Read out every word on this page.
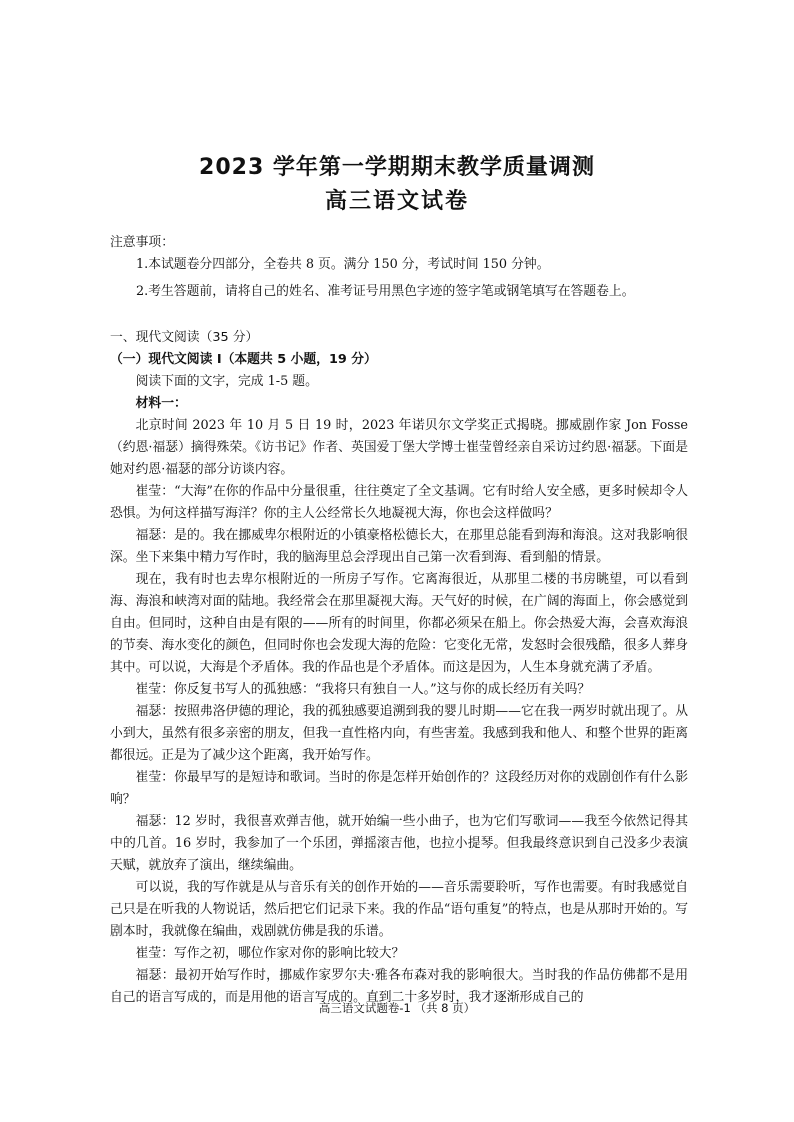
2023 学年第一学期期末教学质量调测
高三语文试卷

注意事项：

1.本试题卷分四部分，全卷共 8 页。满分 150 分，考试时间 150 分钟。

2.考生答题前，请将自己的姓名、准考证号用黑色字迹的签字笔或钢笔填写在答题卷上。

一、现代文阅读（35 分）

（一）现代文阅读 I（本题共 5 小题，19 分）

阅读下面的文字，完成 1-5 题。

材料一：

北京时间 2023 年 10 月 5 日 19 时，2023 年诺贝尔文学奖正式揭晓。挪威剧作家 Jon Fosse（约恩·福瑟）摘得殊荣。《访书记》作者、英国爱丁堡大学博士崔莹曾经亲自采访过约恩·福瑟。下面是她对约恩·福瑟的部分访谈内容。

崔莹：“大海”在你的作品中分量很重，往往奠定了全文基调。它有时给人安全感，更多时候却令人恐惧。为何这样描写海洋？你的主人公经常长久地凝视大海，你也会这样做吗？

福瑟：是的。我在挪威卑尔根附近的小镇豪格松德长大，在那里总能看到海和海浪。这对我影响很深。坐下来集中精力写作时，我的脑海里总会浮现出自己第一次看到海、看到船的情景。

现在，我有时也去卑尔根附近的一所房子写作。它离海很近，从那里二楼的书房眺望，可以看到海、海浪和峡湾对面的陆地。我经常会在那里凝视大海。天气好的时候，在广阔的海面上，你会感觉到自由。但同时，这种自由是有限的——所有的时间里，你都必须呆在船上。你会热爱大海，会喜欢海浪的节奏、海水变化的颜色，但同时你也会发现大海的危险：它变化无常，发怒时会很残酷，很多人葬身其中。可以说，大海是个矛盾体。我的作品也是个矛盾体。而这是因为，人生本身就充满了矛盾。

崔莹：你反复书写人的孤独感：“我将只有独自一人。”这与你的成长经历有关吗？

福瑟：按照弗洛伊德的理论，我的孤独感要追溯到我的婴儿时期——它在我一两岁时就出现了。从小到大，虽然有很多亲密的朋友，但我一直性格内向，有些害羞。我感到我和他人、和整个世界的距离都很远。正是为了减少这个距离，我开始写作。

崔莹：你最早写的是短诗和歌词。当时的你是怎样开始创作的？这段经历对你的戏剧创作有什么影响？

福瑟：12 岁时，我很喜欢弹吉他，就开始编一些小曲子，也为它们写歌词——我至今依然记得其中的几首。16 岁时，我参加了一个乐团，弹摇滚吉他，也拉小提琴。但我最终意识到自己没多少表演天赋，就放弃了演出，继续编曲。

可以说，我的写作就是从与音乐有关的创作开始的——音乐需要聆听，写作也需要。有时我感觉自己只是在听我的人物说话，然后把它们记录下来。我的作品“语句重复”的特点，也是从那时开始的。写剧本时，我就像在编曲，戏剧就仿佛是我的乐谱。

崔莹：写作之初，哪位作家对你的影响比较大？

福瑟：最初开始写作时，挪威作家罗尔夫·雅各布森对我的影响很大。当时我的作品仿佛都不是用自己的语言写成的，而是用他的语言写成的。直到二十多岁时，我才逐渐形成自己的

高三语文试题卷-1 （共 8 页）
